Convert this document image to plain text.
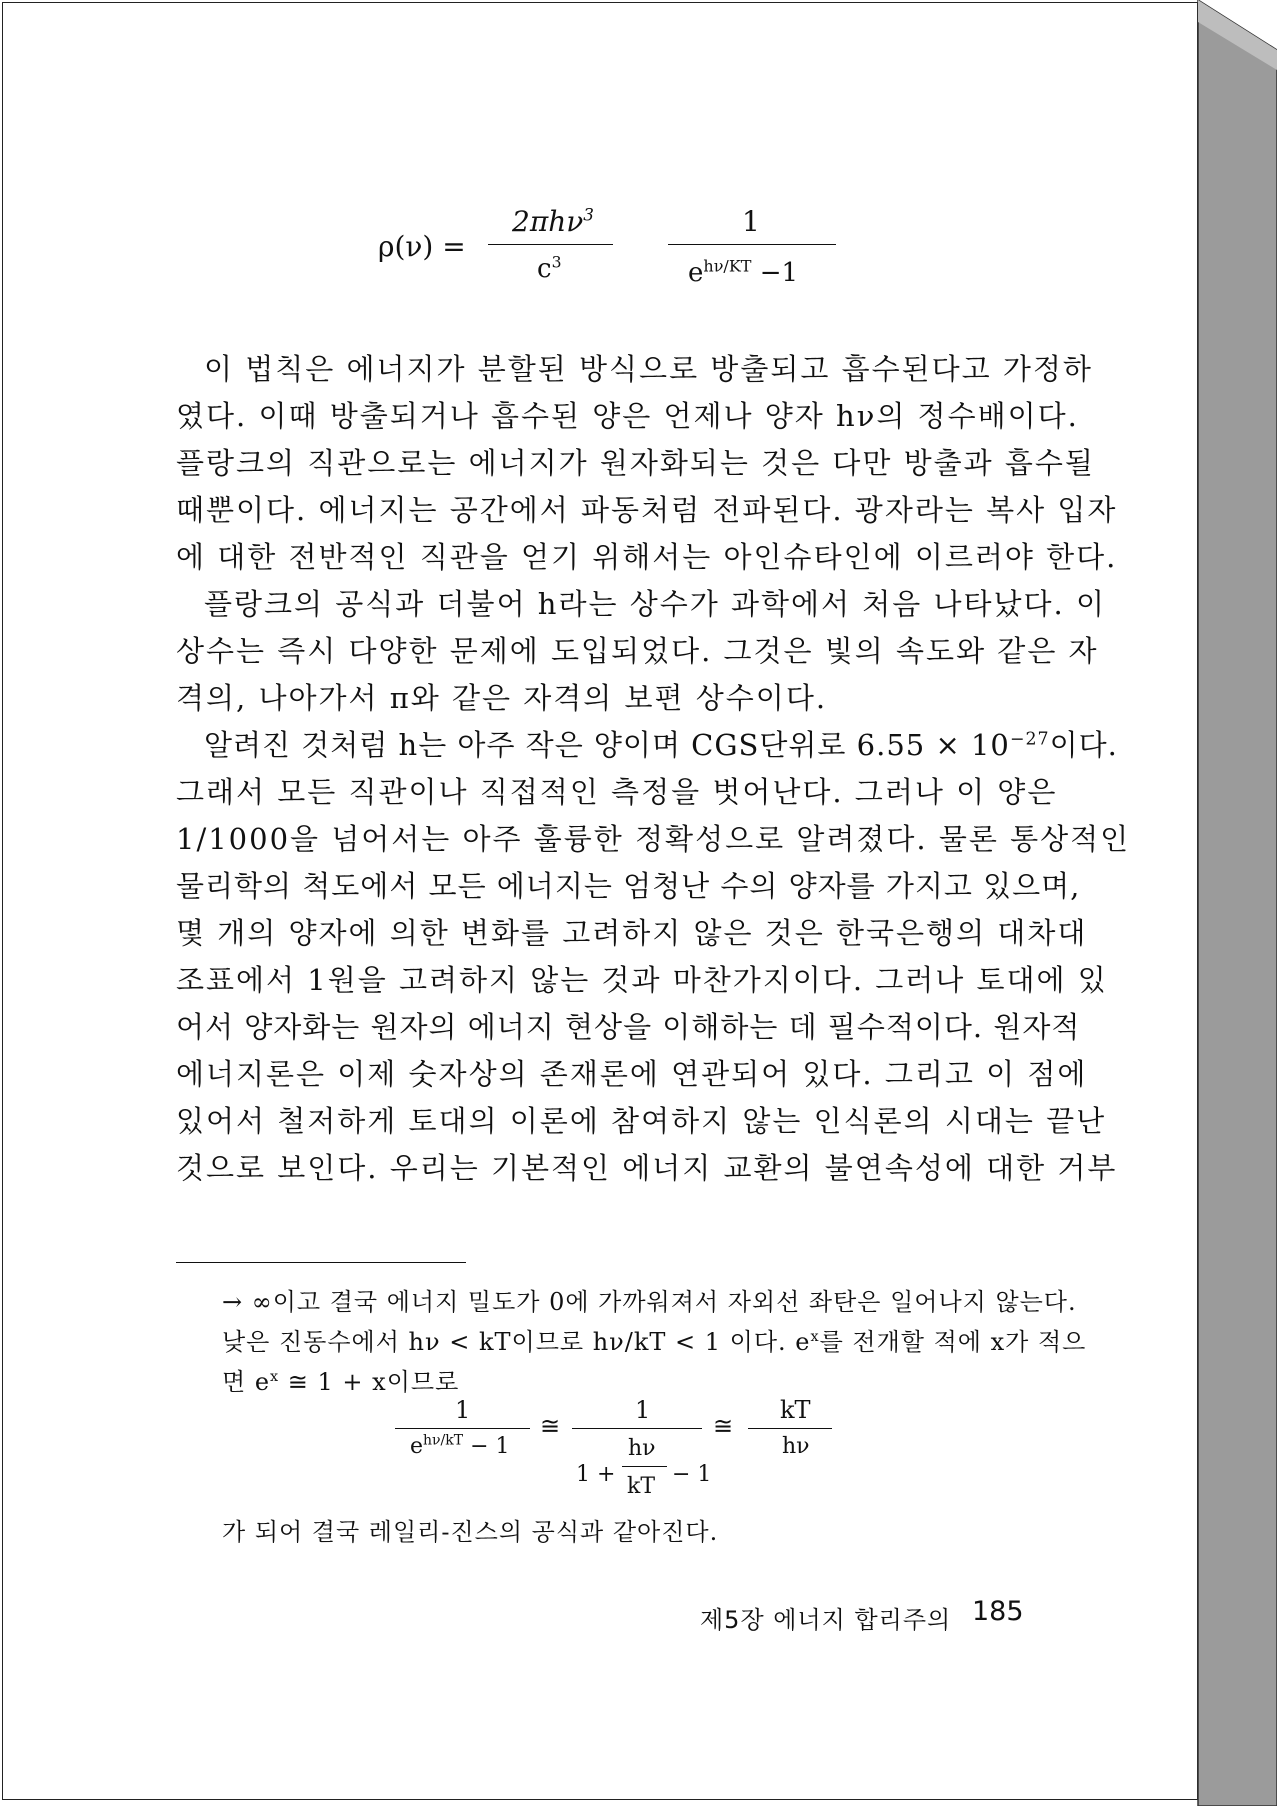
ρ(ν) =
2πhν$^3$
$c^3$
1
$e^{h\nu/KT} -1$
이 법칙은 에너지가 분할된 방식으로 방출되고 흡수된다고 가정하
였다. 이때 방출되거나 흡수된 양은 언제나 양자 hν의 정수배이다.
플랑크의 직관으로는 에너지가 원자화되는 것은 다만 방출과 흡수될
때뿐이다. 에너지는 공간에서 파동처럼 전파된다. 광자라는 복사 입자
에 대한 전반적인 직관을 얻기 위해서는 아인슈타인에 이르러야 한다.
플랑크의 공식과 더불어 h라는 상수가 과학에서 처음 나타났다. 이
상수는 즉시 다양한 문제에 도입되었다. 그것은 빛의 속도와 같은 자
격의, 나아가서 π와 같은 자격의 보편 상수이다.
알려진 것처럼 h는 아주 작은 양이며 CGS단위로 $6.55 \times 10^{-27}$이다.
그래서 모든 직관이나 직접적인 측정을 벗어난다. 그러나 이 양은
1/1000을 넘어서는 아주 훌륭한 정확성으로 알려졌다. 물론 통상적인
물리학의 척도에서 모든 에너지는 엄청난 수의 양자를 가지고 있으며,
몇 개의 양자에 의한 변화를 고려하지 않은 것은 한국은행의 대차대
조표에서 1원을 고려하지 않는 것과 마찬가지이다. 그러나 토대에 있
어서 양자화는 원자의 에너지 현상을 이해하는 데 필수적이다. 원자적
에너지론은 이제 숫자상의 존재론에 연관되어 있다. 그리고 이 점에
있어서 철저하게 토대의 이론에 참여하지 않는 인식론의 시대는 끝난
것으로 보인다. 우리는 기본적인 에너지 교환의 불연속성에 대한 거부
→ ∞이고 결국 에너지 밀도가 0에 가까워져서 자외선 좌탄은 일어나지 않는다.
낮은 진동수에서 hν < kT이므로 hν/kT < 1 이다. $e^x$를 전개할 적에 x가 적으
면 $e^x$ ≅ 1 + x이므로
1
$e^{h\nu/kT} - 1$
≅
1
1 +
hν
kT − 1
≅
kT
hν
가 되어 결국 레일리-진스의 공식과 같아진다.
제5장 에너지 합리주의 185
